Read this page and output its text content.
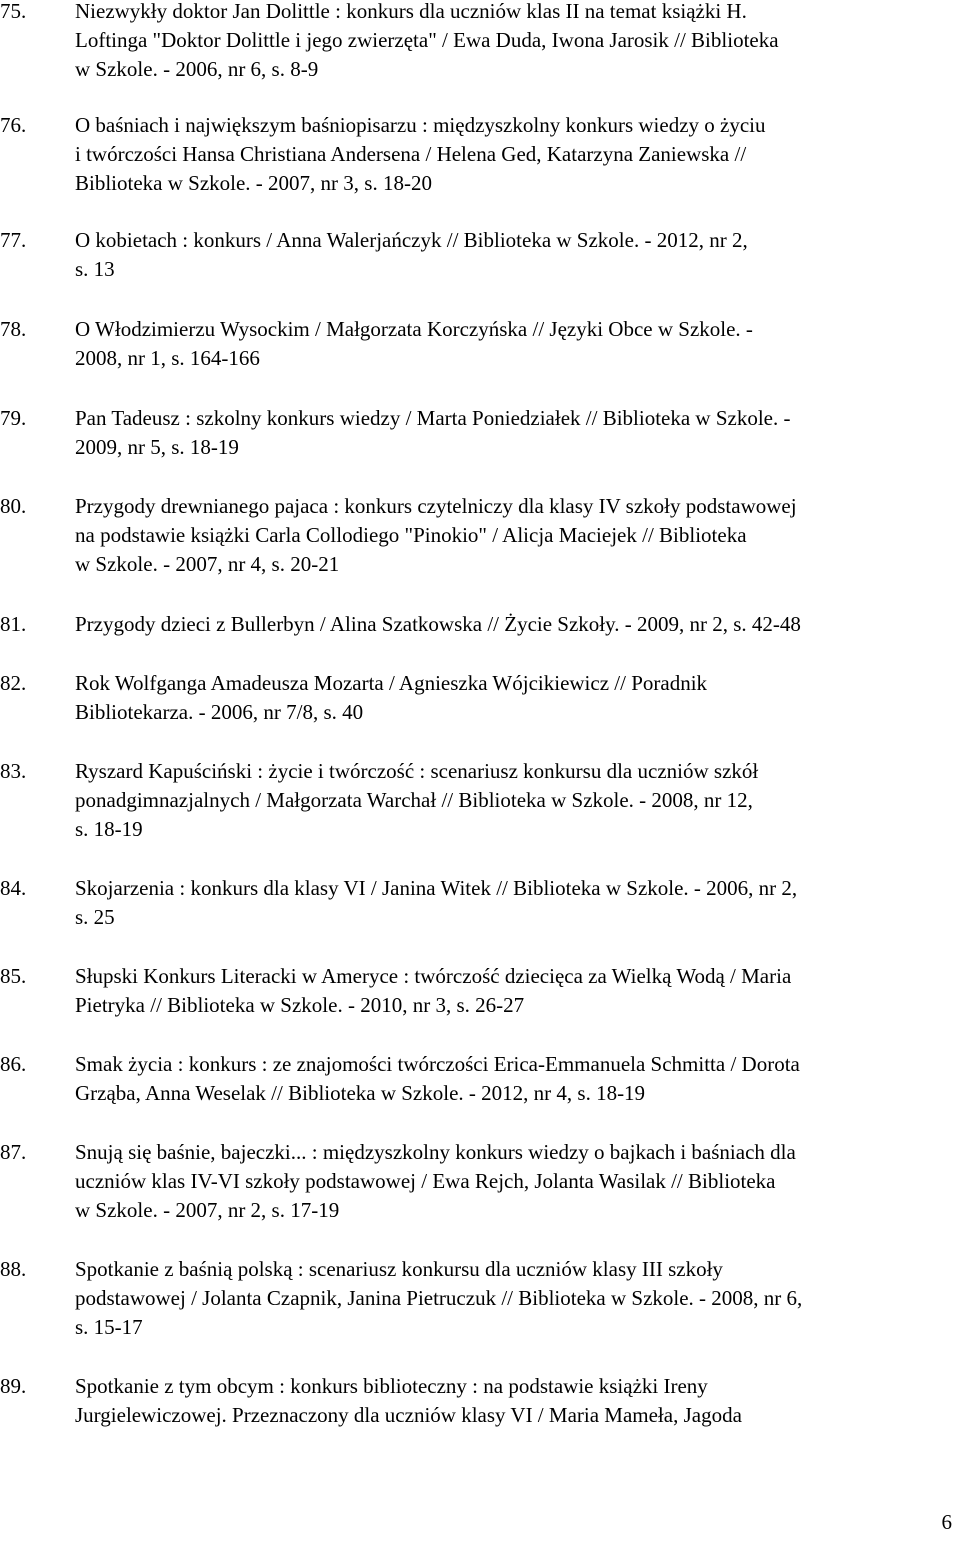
75. Niezwykły doktor Jan Dolittle : konkurs dla uczniów klas II na temat książki H.
Loftinga "Doktor Dolittle i jego zwierzęta" / Ewa Duda, Iwona Jarosik // Biblioteka
w Szkole. - 2006, nr 6, s. 8-9
76. O baśniach i największym baśniopisarzu : międzyszkolny konkurs wiedzy o życiu
i twórczości Hansa Christiana Andersena / Helena Ged, Katarzyna Zaniewska //
Biblioteka w Szkole. - 2007, nr 3, s. 18-20
77. O kobietach : konkurs / Anna Walerjańczyk // Biblioteka w Szkole. - 2012, nr 2,
s. 13
78. O Włodzimierzu Wysockim / Małgorzata Korczyńska // Języki Obce w Szkole. -
2008, nr 1, s. 164-166
79. Pan Tadeusz : szkolny konkurs wiedzy / Marta Poniedziałek // Biblioteka w Szkole. -
2009, nr 5, s. 18-19
80. Przygody drewnianego pajaca : konkurs czytelniczy dla klasy IV szkoły podstawowej
na podstawie książki Carla Collodiego "Pinokio" / Alicja Maciejek // Biblioteka
w Szkole. - 2007, nr 4, s. 20-21
81. Przygody dzieci z Bullerbyn / Alina Szatkowska // Życie Szkoły. - 2009, nr 2, s. 42-48
82. Rok Wolfganga Amadeusza Mozarta / Agnieszka Wójcikiewicz // Poradnik
Bibliotekarza. - 2006, nr 7/8, s. 40
83. Ryszard Kapuściński : życie i twórczość : scenariusz konkursu dla uczniów szkół
ponadgimnazjalnych / Małgorzata Warchał // Biblioteka w Szkole. - 2008, nr 12,
s. 18-19
84. Skojarzenia : konkurs dla klasy VI / Janina Witek // Biblioteka w Szkole. - 2006, nr 2,
s. 25
85. Słupski Konkurs Literacki w Ameryce : twórczość dziecięca za Wielką Wodą / Maria
Pietryka // Biblioteka w Szkole. - 2010, nr 3, s. 26-27
86. Smak życia : konkurs : ze znajomości twórczości Erica-Emmanuela Schmitta / Dorota
Grząba, Anna Weselak // Biblioteka w Szkole. - 2012, nr 4, s. 18-19
87. Snują się baśnie, bajeczki... : międzyszkolny konkurs wiedzy o bajkach i baśniach dla
uczniów klas IV-VI szkoły podstawowej / Ewa Rejch, Jolanta Wasilak // Biblioteka
w Szkole. - 2007, nr 2, s. 17-19
88. Spotkanie z baśnią polską : scenariusz konkursu dla uczniów klasy III szkoły
podstawowej / Jolanta Czapnik, Janina Pietruczuk // Biblioteka w Szkole. - 2008, nr 6,
s. 15-17
89. Spotkanie z tym obcym : konkurs biblioteczny : na podstawie książki Ireny
Jurgielewiczowej. Przeznaczony dla uczniów klasy VI / Maria Mameła, Jagoda
6
